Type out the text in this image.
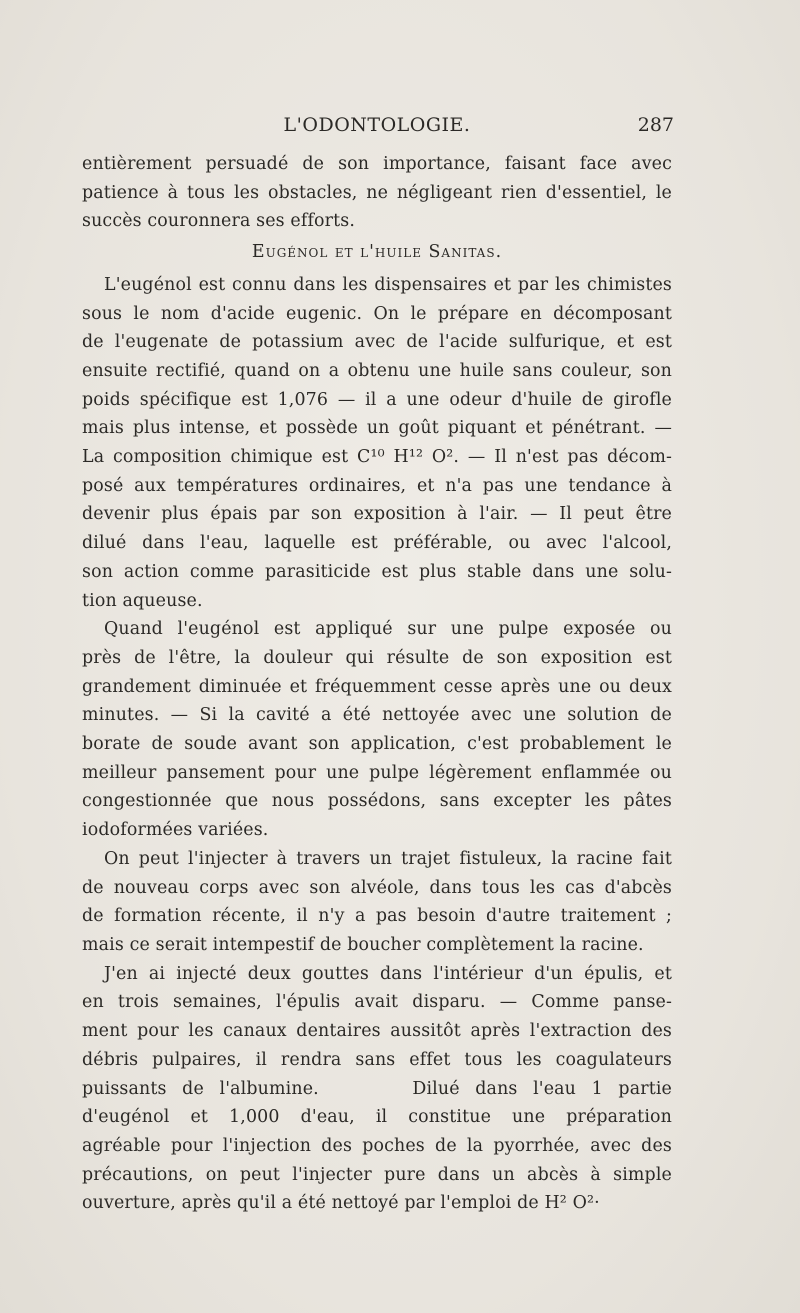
L'ODONTOLOGIE.	287

entièrement persuadé de son importance, faisant face avec
patience à tous les obstacles, ne négligeant rien d'essentiel, le
succès couronnera ses efforts.

Eugénol et l'huile Sanitas.

L'eugénol est connu dans les dispensaires et par les chimistes
sous le nom d'acide eugenic. On le prépare en décomposant
de l'eugenate de potassium avec de l'acide sulfurique, et est
ensuite rectifié, quand on a obtenu une huile sans couleur, son
poids spécifique est 1,076 — il a une odeur d'huile de girofle
mais plus intense, et possède un goût piquant et pénétrant. —
La composition chimique est C¹⁰ H¹² O². — Il n'est pas décom-
posé aux températures ordinaires, et n'a pas une tendance à
devenir plus épais par son exposition à l'air. — Il peut être
dilué dans l'eau, laquelle est préférable, ou avec l'alcool,
son action comme parasiticide est plus stable dans une solu-
tion aqueuse.

Quand l'eugénol est appliqué sur une pulpe exposée ou
près de l'être, la douleur qui résulte de son exposition est
grandement diminuée et fréquemment cesse après une ou deux
minutes. — Si la cavité a été nettoyée avec une solution de
borate de soude avant son application, c'est probablement le
meilleur pansement pour une pulpe légèrement enflammée ou
congestionnée que nous possédons, sans excepter les pâtes
iodoformées variées.

On peut l'injecter à travers un trajet fistuleux, la racine fait
de nouveau corps avec son alvéole, dans tous les cas d'abcès
de formation récente, il n'y a pas besoin d'autre traitement ;
mais ce serait intempestif de boucher complètement la racine.

J'en ai injecté deux gouttes dans l'intérieur d'un épulis, et
en trois semaines, l'épulis avait disparu. — Comme panse-
ment pour les canaux dentaires aussitôt après l'extraction des
débris pulpaires, il rendra sans effet tous les coagulateurs
puissants de l'albumine.      Dilué dans l'eau 1 partie
d'eugénol et 1,000 d'eau, il constitue une préparation
agréable pour l'injection des poches de la pyorrhée, avec des
précautions, on peut l'injecter pure dans un abcès à simple
ouverture, après qu'il a été nettoyé par l'emploi de H² O²·
